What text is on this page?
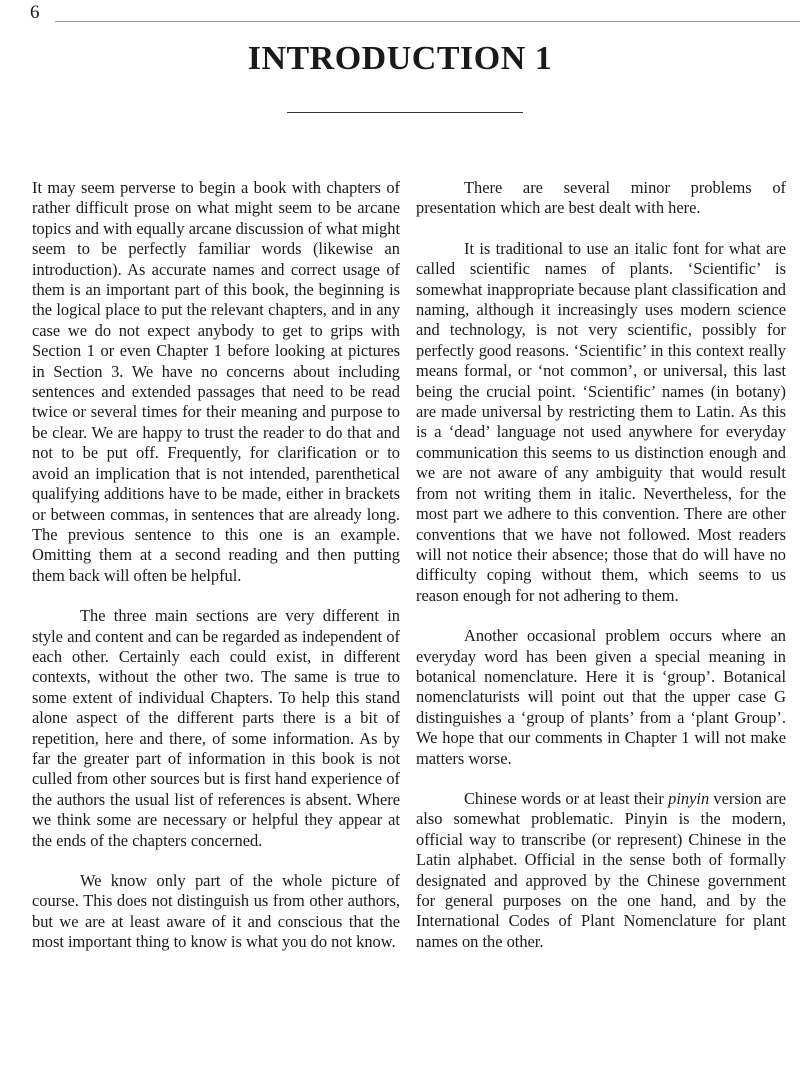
6
INTRODUCTION 1

It may seem perverse to begin a book with chapters of rather difficult prose on what might seem to be arcane topics and with equally arcane discussion of what might seem to be perfectly familiar words (likewise an introduction). As accurate names and correct usage of them is an important part of this book, the beginning is the logical place to put the relevant chapters, and in any case we do not expect anybody to get to grips with Section 1 or even Chapter 1 before looking at pictures in Section 3. We have no concerns about including sentences and extended passages that need to be read twice or several times for their meaning and purpose to be clear. We are happy to trust the reader to do that and not to be put off. Frequently, for clarification or to avoid an implication that is not intended, parenthetical qualifying additions have to be made, either in brackets or between commas, in sentences that are already long. The previous sentence to this one is an example. Omitting them at a second reading and then putting them back will often be helpful.

The three main sections are very different in style and content and can be regarded as independent of each other. Certainly each could exist, in different contexts, without the other two. The same is true to some extent of individual Chapters. To help this stand alone aspect of the different parts there is a bit of repetition, here and there, of some information. As by far the greater part of information in this book is not culled from other sources but is first hand experience of the authors the usual list of references is absent. Where we think some are necessary or helpful they appear at the ends of the chapters concerned.

We know only part of the whole picture of course. This does not distinguish us from other authors, but we are at least aware of it and conscious that the most important thing to know is what you do not know.

There are several minor problems of presentation which are best dealt with here.

It is traditional to use an italic font for what are called scientific names of plants. ‘Scientific’ is somewhat inappropriate because plant classification and naming, although it increasingly uses modern science and technology, is not very scientific, possibly for perfectly good reasons. ‘Scientific’ in this context really means formal, or ‘not common’, or universal, this last being the crucial point. ‘Scientific’ names (in botany) are made universal by restricting them to Latin. As this is a ‘dead’ language not used anywhere for everyday communication this seems to us distinction enough and we are not aware of any ambiguity that would result from not writing them in italic. Nevertheless, for the most part we adhere to this convention. There are other conventions that we have not followed. Most readers will not notice their absence; those that do will have no difficulty coping without them, which seems to us reason enough for not adhering to them.

Another occasional problem occurs where an everyday word has been given a special meaning in botanical nomenclature. Here it is ‘group’. Botanical nomenclaturists will point out that the upper case G distinguishes a ‘group of plants’ from a ‘plant Group’. We hope that our comments in Chapter 1 will not make matters worse.

Chinese words or at least their pinyin version are also somewhat problematic. Pinyin is the modern, official way to transcribe (or represent) Chinese in the Latin alphabet. Official in the sense both of formally designated and approved by the Chinese government for general purposes on the one hand, and by the International Codes of Plant Nomenclature for plant names on the other.
